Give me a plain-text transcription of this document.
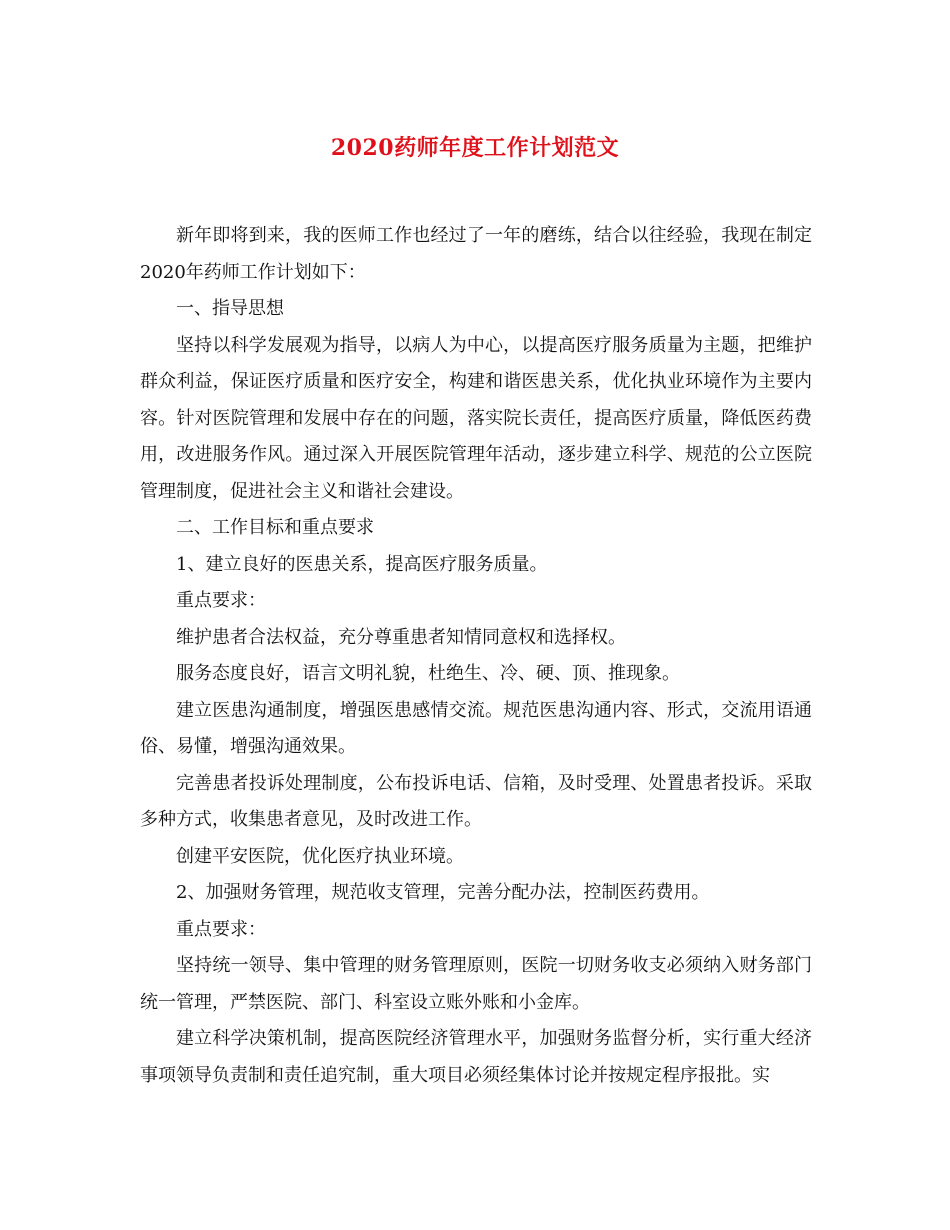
2020药师年度工作计划范文

新年即将到来，我的医师工作也经过了一年的磨练，结合以往经验，我现在制定2020年药师工作计划如下：

一、指导思想

坚持以科学发展观为指导，以病人为中心，以提高医疗服务质量为主题，把维护群众利益，保证医疗质量和医疗安全，构建和谐医患关系，优化执业环境作为主要内容。针对医院管理和发展中存在的问题，落实院长责任，提高医疗质量，降低医药费用，改进服务作风。通过深入开展医院管理年活动，逐步建立科学、规范的公立医院管理制度，促进社会主义和谐社会建设。

二、工作目标和重点要求

1、建立良好的医患关系，提高医疗服务质量。

重点要求：

维护患者合法权益，充分尊重患者知情同意权和选择权。

服务态度良好，语言文明礼貌，杜绝生、冷、硬、顶、推现象。

建立医患沟通制度，增强医患感情交流。规范医患沟通内容、形式，交流用语通俗、易懂，增强沟通效果。

完善患者投诉处理制度，公布投诉电话、信箱，及时受理、处置患者投诉。采取多种方式，收集患者意见，及时改进工作。

创建平安医院，优化医疗执业环境。

2、加强财务管理，规范收支管理，完善分配办法，控制医药费用。

重点要求：

坚持统一领导、集中管理的财务管理原则，医院一切财务收支必须纳入财务部门统一管理，严禁医院、部门、科室设立账外账和小金库。

建立科学决策机制，提高医院经济管理水平，加强财务监督分析，实行重大经济事项领导负责制和责任追究制，重大项目必须经集体讨论并按规定程序报批。实
